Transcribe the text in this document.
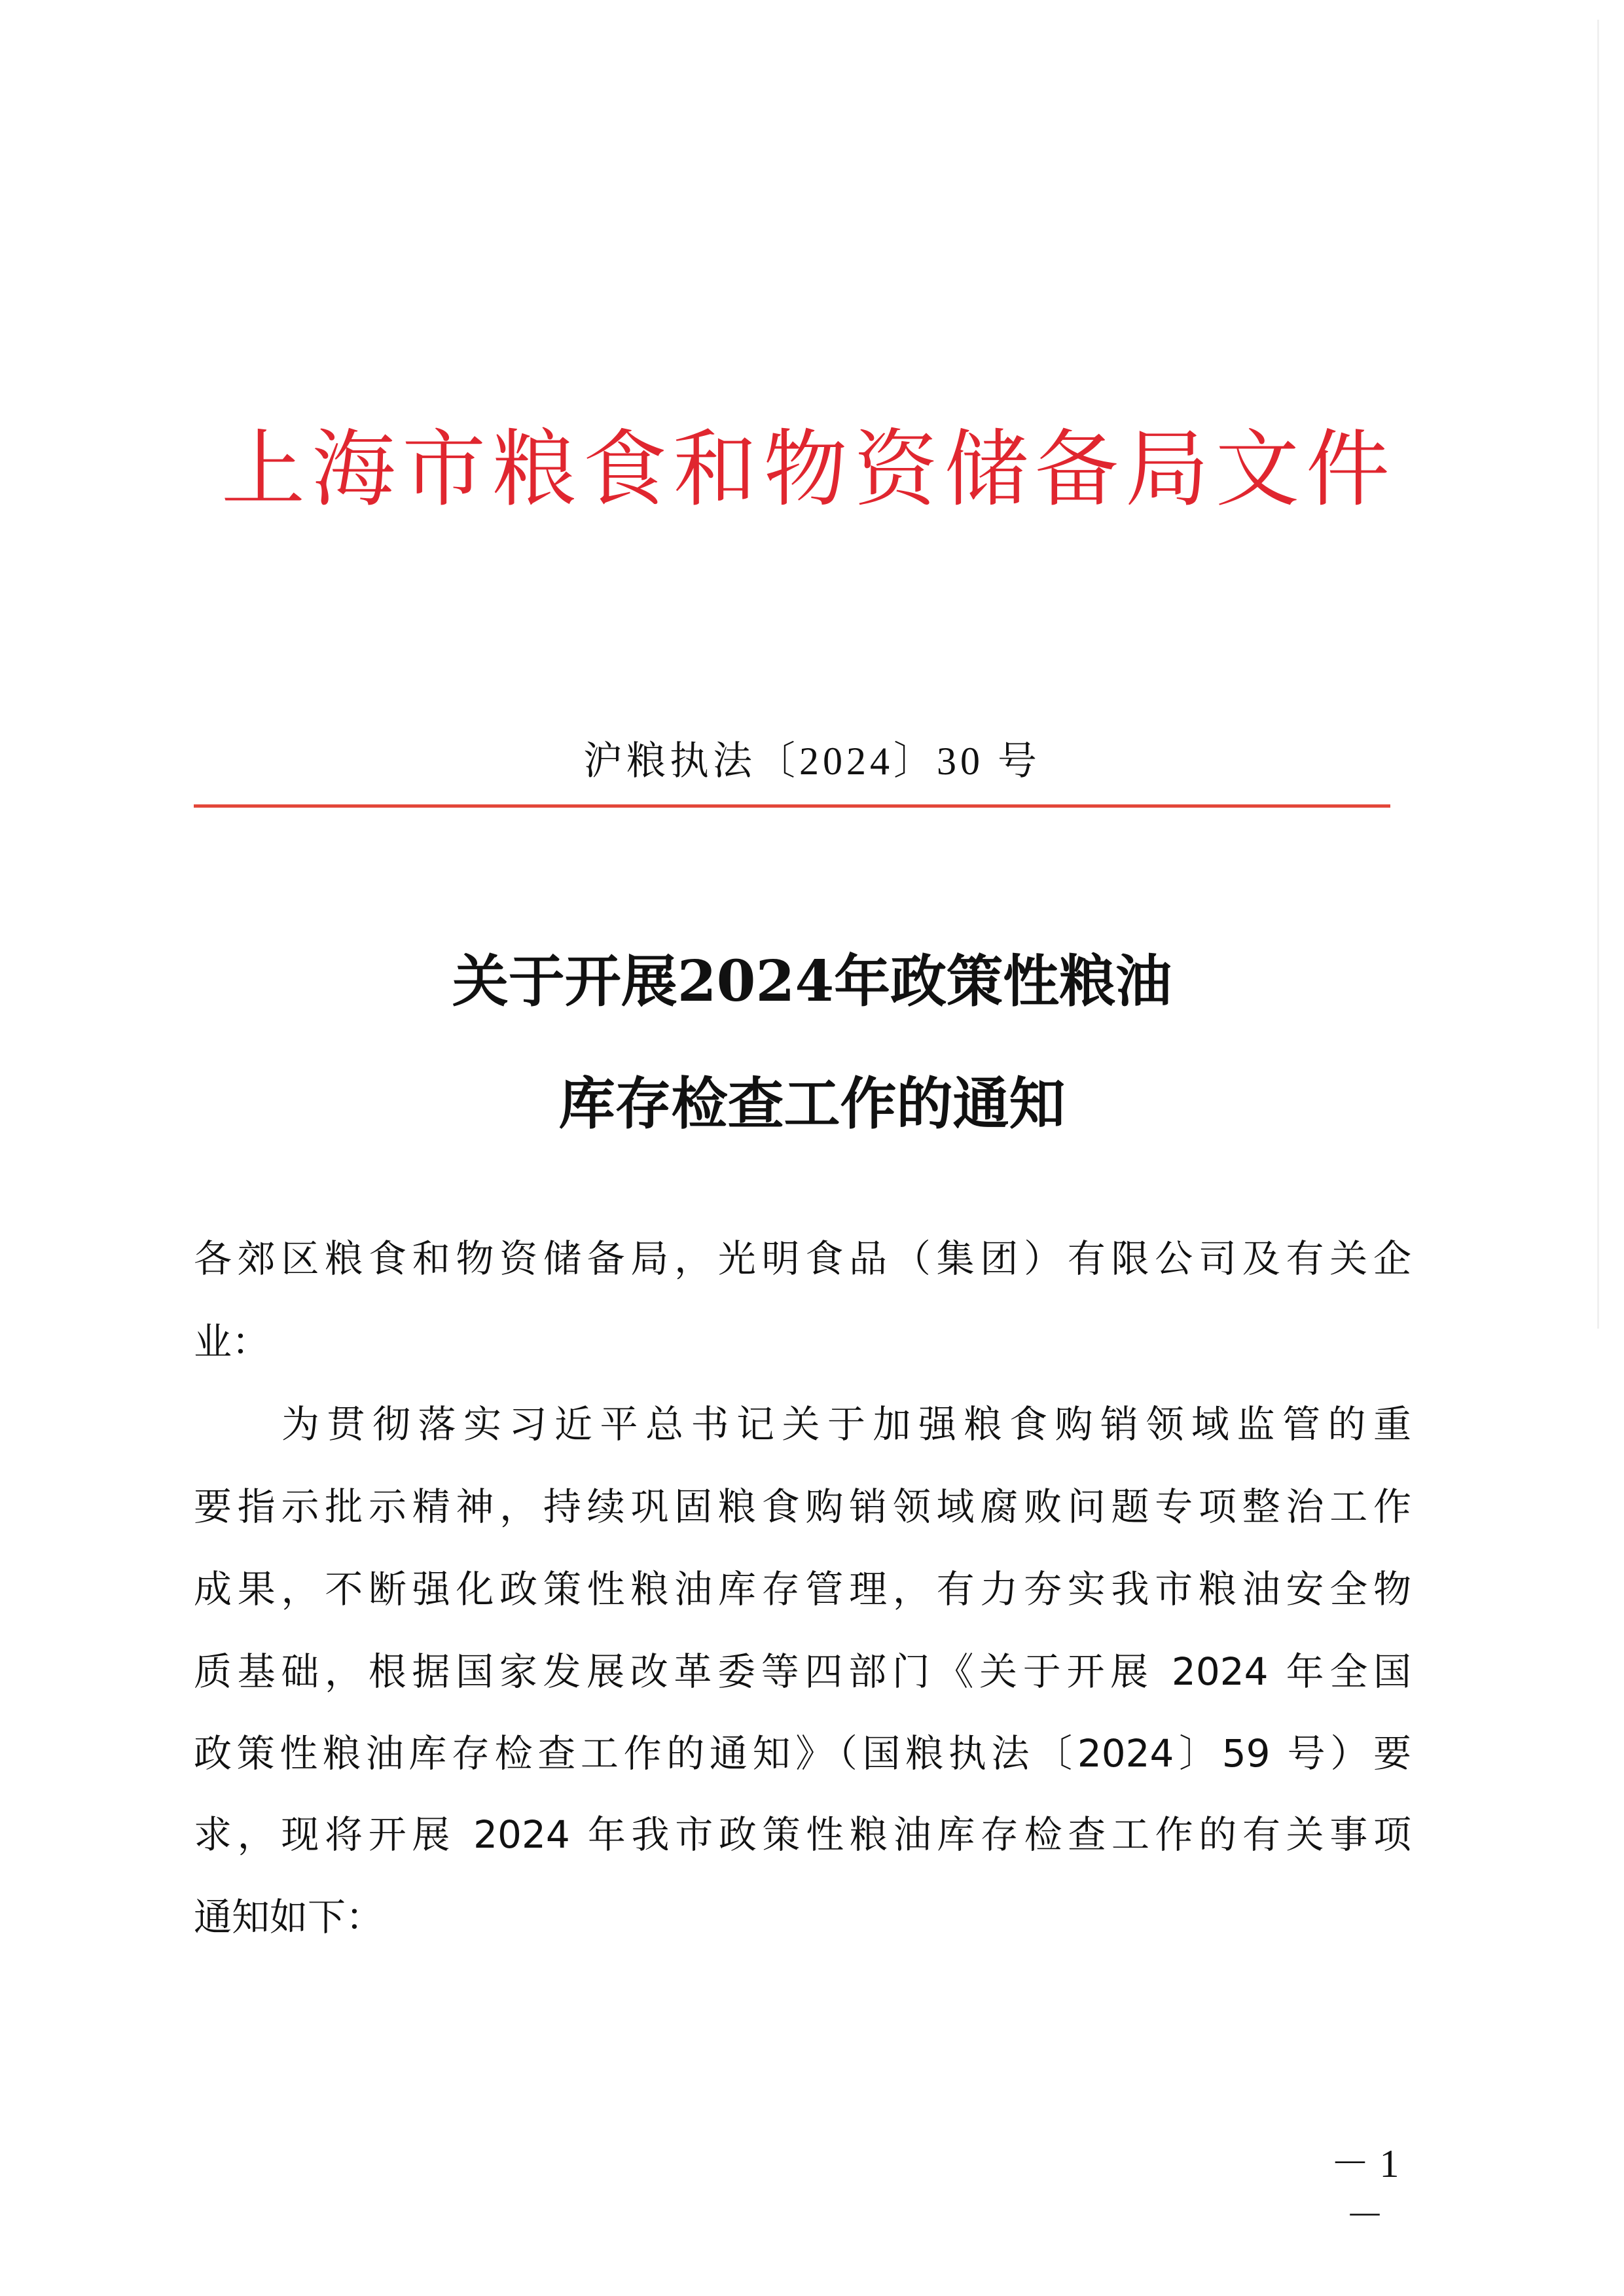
上海市粮食和物资储备局文件
沪粮执法〔2024〕30 号
关于开展2024年政策性粮油
库存检查工作的通知
各郊区粮食和物资储备局，光明食品（集团）有限公司及有关企
业：
为贯彻落实习近平总书记关于加强粮食购销领域监管的重
要指示批示精神，持续巩固粮食购销领域腐败问题专项整治工作
成果，不断强化政策性粮油库存管理，有力夯实我市粮油安全物
质基础，根据国家发展改革委等四部门《关于开展 2024 年全国
政策性粮油库存检查工作的通知》（国粮执法〔2024〕59 号）要
求，现将开展 2024 年我市政策性粮油库存检查工作的有关事项
通知如下：
－ 1 －
